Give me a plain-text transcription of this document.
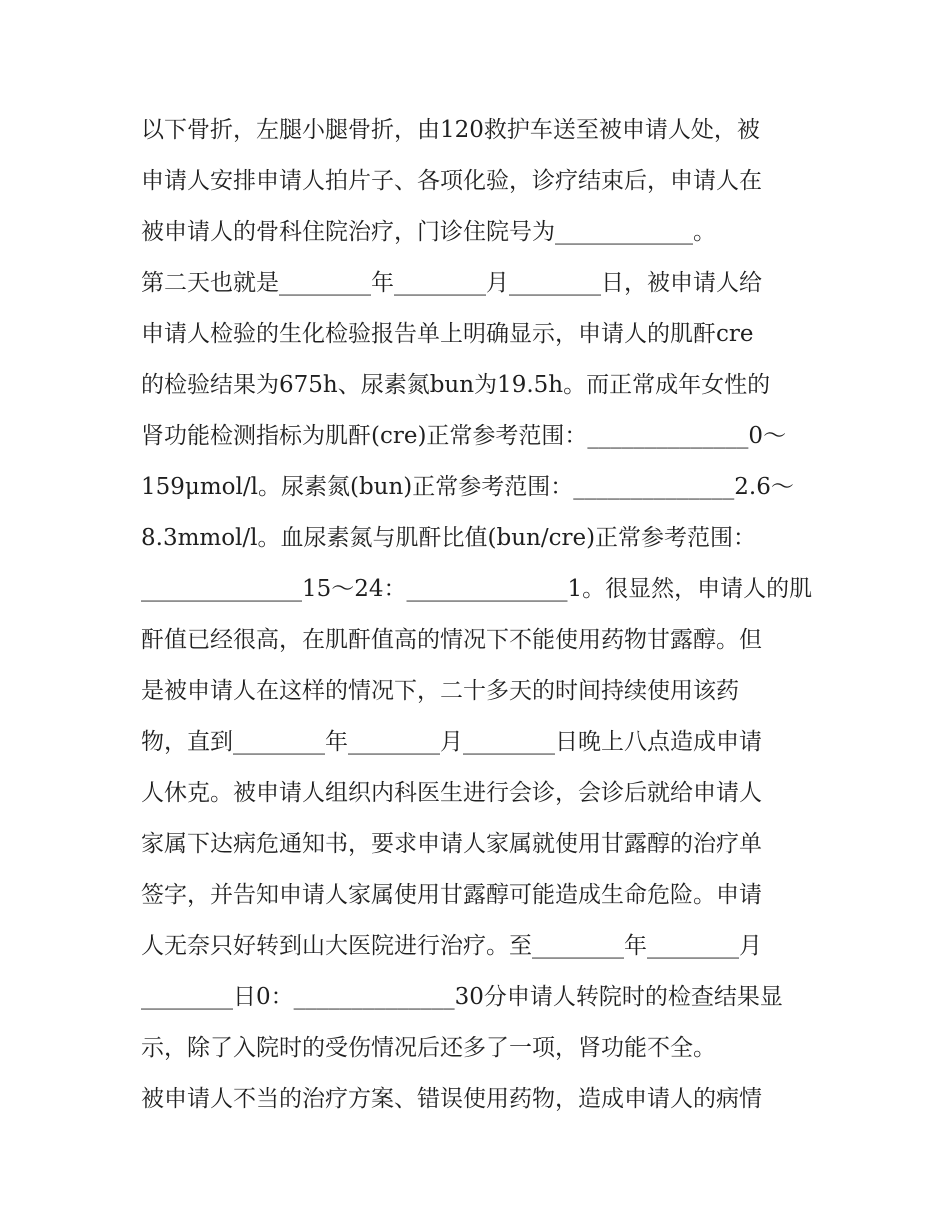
以下骨折，左腿小腿骨折，由120救护车送至被申请人处，被
申请人安排申请人拍片子、各项化验，诊疗结束后，申请人在
被申请人的骨科住院治疗，门诊住院号为____________。
第二天也就是________年________月________日，被申请人给
申请人检验的生化检验报告单上明确显示，申请人的肌酐cre
的检验结果为675h、尿素氮bun为19.5h。而正常成年女性的
肾功能检测指标为肌酐(cre)正常参考范围：______________0～
159μmol/l。尿素氮(bun)正常参考范围：______________2.6～
8.3mmol/l。血尿素氮与肌酐比值(bun/cre)正常参考范围：
______________15～24：______________1。很显然，申请人的肌
酐值已经很高，在肌酐值高的情况下不能使用药物甘露醇。但
是被申请人在这样的情况下，二十多天的时间持续使用该药
物，直到________年________月________日晚上八点造成申请
人休克。被申请人组织内科医生进行会诊，会诊后就给申请人
家属下达病危通知书，要求申请人家属就使用甘露醇的治疗单
签字，并告知申请人家属使用甘露醇可能造成生命危险。申请
人无奈只好转到山大医院进行治疗。至________年________月
________日0：______________30分申请人转院时的检查结果显
示，除了入院时的受伤情况后还多了一项，肾功能不全。
被申请人不当的治疗方案、错误使用药物，造成申请人的病情
